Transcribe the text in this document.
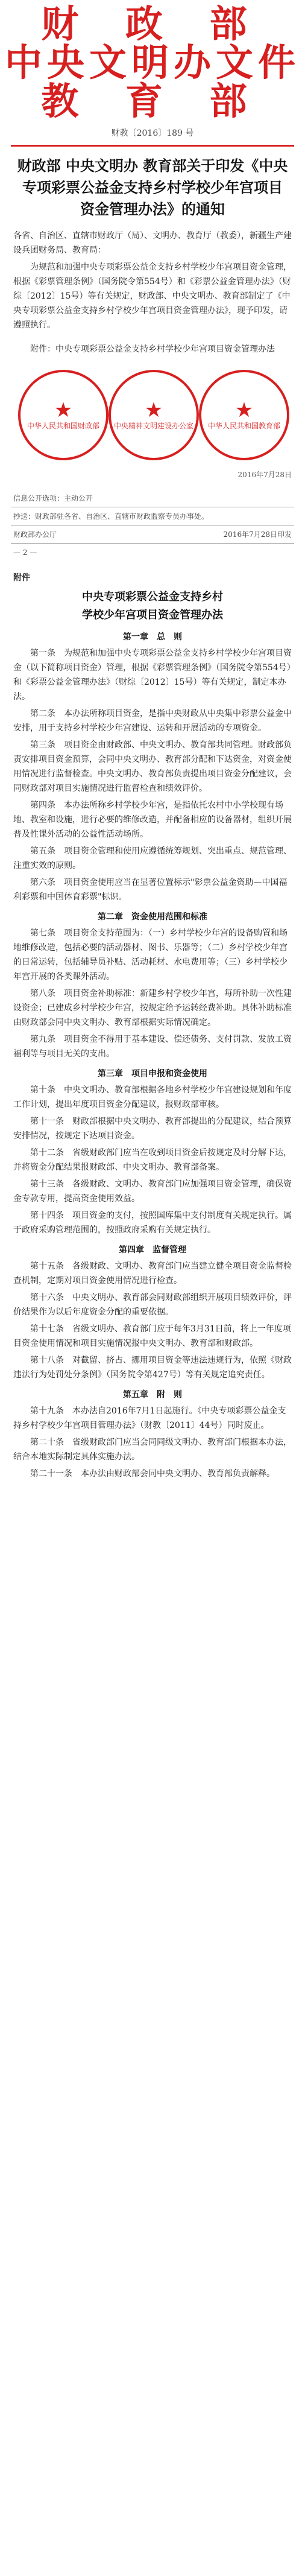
财 政 部
中央文明办文件
教 育 部
财教〔2016〕189 号
财政部 中央文明办 教育部关于印发《中央专项彩票公益金支持乡村学校少年宫项目资金管理办法》的通知
各省、自治区、直辖市财政厅（局）、文明办、教育厅（教委），新疆生产建设兵团财务局、教育局：
为规范和加强中央专项彩票公益金支持乡村学校少年宫项目资金管理，根据《彩票管理条例》（国务院令第554号）和《彩票公益金管理办法》（财综〔2012〕15号）等有关规定，财政部、中央文明办、教育部制定了《中央专项彩票公益金支持乡村学校少年宫项目资金管理办法》，现予印发，请遵照执行。
附件：中央专项彩票公益金支持乡村学校少年宫项目资金管理办法
★
中华人民共和国财政部
★
中央精神文明建设办公室
★
中华人民共和国教育部
2016年7月28日
信息公开选项：主动公开
抄送：财政部驻各省、自治区、直辖市财政监察专员办事处。
财政部办公厅	2016年7月28日印发
— 2 —
附件
中央专项彩票公益金支持乡村
学校少年宫项目资金管理办法
第一章　总　则
第一条　为规范和加强中央专项彩票公益金支持乡村学校少年宫项目资金（以下简称项目资金）管理，根据《彩票管理条例》（国务院令第554号）和《彩票公益金管理办法》（财综〔2012〕15号）等有关规定，制定本办法。
第二条　本办法所称项目资金，是指中央财政从中央集中彩票公益金中安排，用于支持乡村学校少年宫建设、运转和开展活动的专项资金。
第三条　项目资金由财政部、中央文明办、教育部共同管理。财政部负责安排项目资金预算，会同中央文明办、教育部分配和下达资金，对资金使用情况进行监督检查。中央文明办、教育部负责提出项目资金分配建议，会同财政部对项目实施情况进行监督检查和绩效评价。
第四条　本办法所称乡村学校少年宫，是指依托农村中小学校现有场地、教室和设施，进行必要的维修改造，并配备相应的设备器材，组织开展普及性课外活动的公益性活动场所。
第五条　项目资金管理和使用应遵循统筹规划、突出重点、规范管理、注重实效的原则。
第六条　项目资金使用应当在显著位置标示"彩票公益金资助—中国福利彩票和中国体育彩票"标识。
第二章　资金使用范围和标准
第七条　项目资金支持范围为：（一）乡村学校少年宫的设备购置和场地维修改造，包括必要的活动器材、图书、乐器等；（二）乡村学校少年宫的日常运转，包括辅导员补贴、活动耗材、水电费用等；（三）乡村学校少年宫开展的各类课外活动。
第八条　项目资金补助标准：新建乡村学校少年宫，每所补助一次性建设资金；已建成乡村学校少年宫，按规定给予运转经费补助。具体补助标准由财政部会同中央文明办、教育部根据实际情况确定。
第九条　项目资金不得用于基本建设、偿还债务、支付罚款、发放工资福利等与项目无关的支出。
第三章　项目申报和资金使用
第十条　中央文明办、教育部根据各地乡村学校少年宫建设规划和年度工作计划，提出年度项目资金分配建议，报财政部审核。
第十一条　财政部根据中央文明办、教育部提出的分配建议，结合预算安排情况，按规定下达项目资金。
第十二条　省级财政部门应当在收到项目资金后按规定及时分解下达，并将资金分配结果报财政部、中央文明办、教育部备案。
第十三条　各级财政、文明办、教育部门应加强项目资金管理，确保资金专款专用，提高资金使用效益。
第十四条　项目资金的支付，按照国库集中支付制度有关规定执行。属于政府采购管理范围的，按照政府采购有关规定执行。
第四章　监督管理
第十五条　各级财政、文明办、教育部门应当建立健全项目资金监督检查机制，定期对项目资金使用情况进行检查。
第十六条　中央文明办、教育部会同财政部组织开展项目绩效评价，评价结果作为以后年度资金分配的重要依据。
第十七条　省级文明办、教育部门应于每年3月31日前，将上一年度项目资金使用情况和项目实施情况报中央文明办、教育部和财政部。
第十八条　对截留、挤占、挪用项目资金等违法违规行为，依照《财政违法行为处罚处分条例》（国务院令第427号）等有关规定追究责任。
第五章　附　则
第十九条　本办法自2016年7月1日起施行。《中央专项彩票公益金支持乡村学校少年宫项目管理办法》（财教〔2011〕44号）同时废止。
第二十条　省级财政部门应当会同同级文明办、教育部门根据本办法，结合本地实际制定具体实施办法。
第二十一条　本办法由财政部会同中央文明办、教育部负责解释。
